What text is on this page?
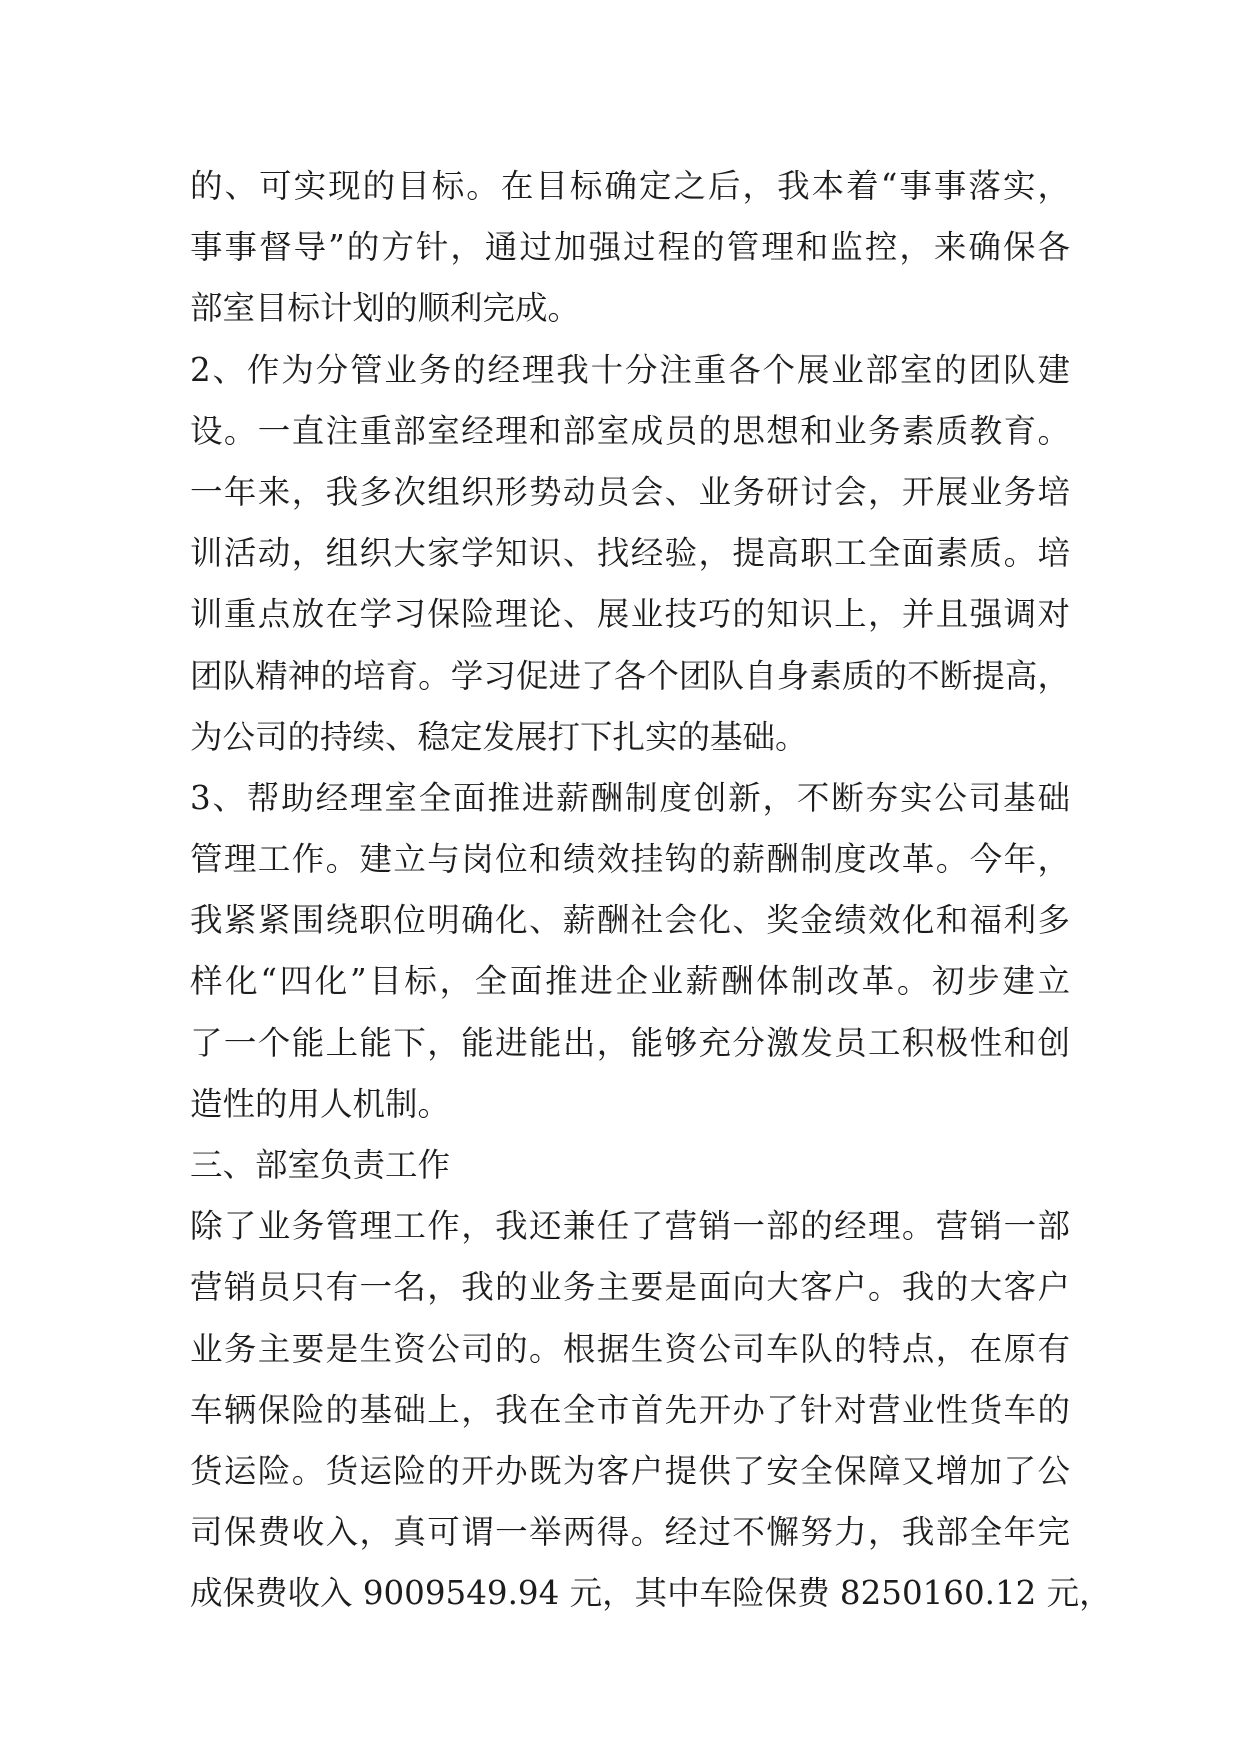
的、可实现的目标。在目标确定之后，我本着“事事落实，
事事督导”的方针，通过加强过程的管理和监控，来确保各
部室目标计划的顺利完成。
2、作为分管业务的经理我十分注重各个展业部室的团队建
设。一直注重部室经理和部室成员的思想和业务素质教育。
一年来，我多次组织形势动员会、业务研讨会，开展业务培
训活动，组织大家学知识、找经验，提高职工全面素质。培
训重点放在学习保险理论、展业技巧的知识上，并且强调对
团队精神的培育。学习促进了各个团队自身素质的不断提高，
为公司的持续、稳定发展打下扎实的基础。
3、帮助经理室全面推进薪酬制度创新，不断夯实公司基础
管理工作。建立与岗位和绩效挂钩的薪酬制度改革。今年，
我紧紧围绕职位明确化、薪酬社会化、奖金绩效化和福利多
样化“四化”目标，全面推进企业薪酬体制改革。初步建立
了一个能上能下，能进能出，能够充分激发员工积极性和创
造性的用人机制。
三、部室负责工作
除了业务管理工作，我还兼任了营销一部的经理。营销一部
营销员只有一名，我的业务主要是面向大客户。我的大客户
业务主要是生资公司的。根据生资公司车队的特点，在原有
车辆保险的基础上，我在全市首先开办了针对营业性货车的
货运险。货运险的开办既为客户提供了安全保障又增加了公
司保费收入，真可谓一举两得。经过不懈努力，我部全年完
成保费收入 9009549.94 元，其中车险保费 8250160.12 元，
